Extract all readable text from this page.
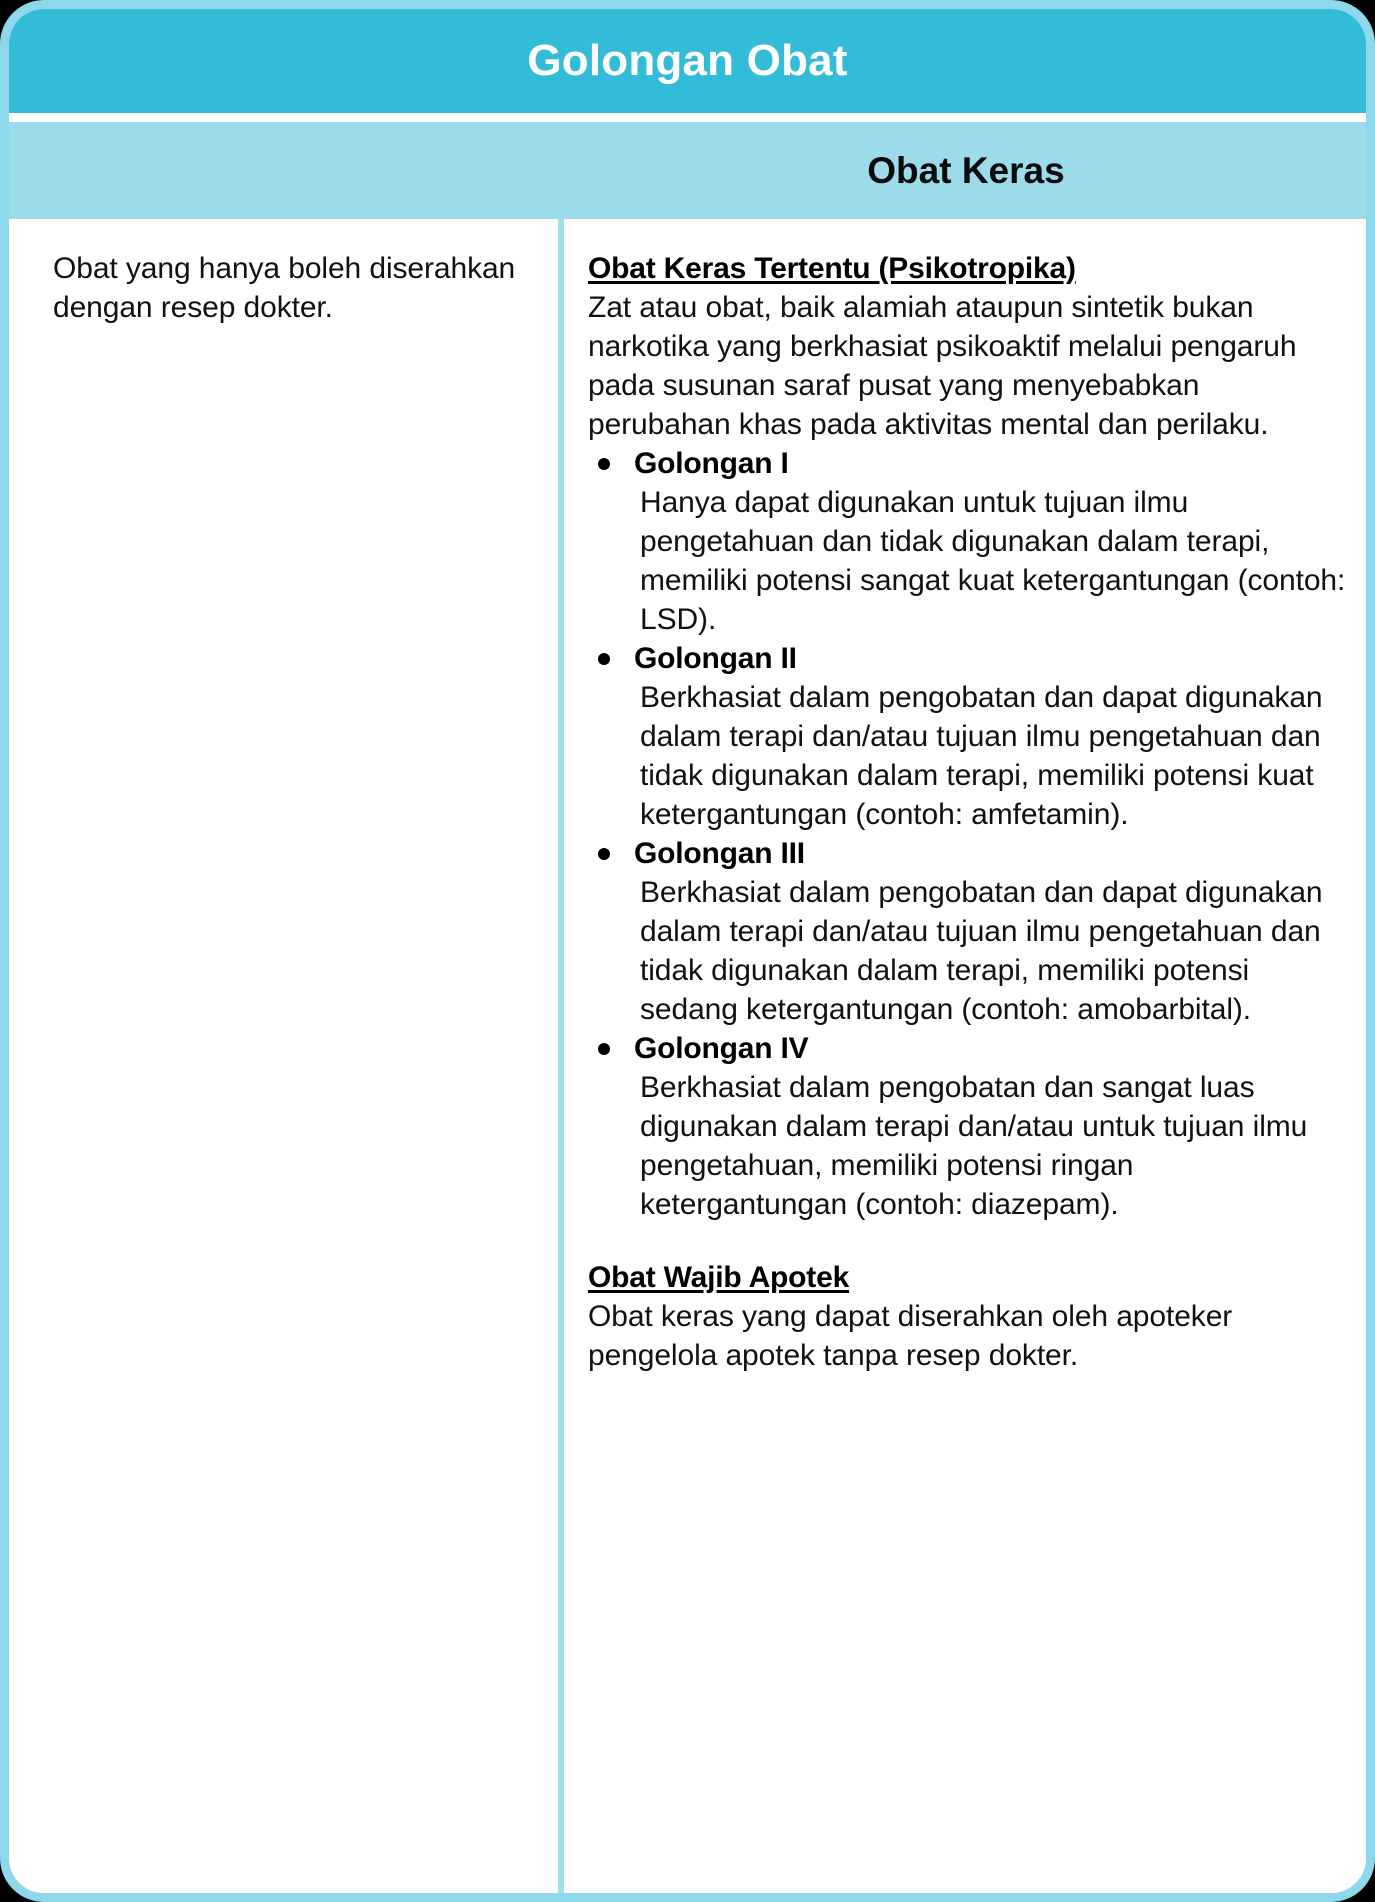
Golongan Obat
Obat Keras
Obat yang hanya boleh diserahkan dengan resep dokter.
Obat Keras Tertentu (Psikotropika)
Zat atau obat, baik alamiah ataupun sintetik bukan narkotika yang berkhasiat psikoaktif melalui pengaruh pada susunan saraf pusat yang menyebabkan perubahan khas pada aktivitas mental dan perilaku.
Golongan I
Hanya dapat digunakan untuk tujuan ilmu pengetahuan dan tidak digunakan dalam terapi, memiliki potensi sangat kuat ketergantungan (contoh: LSD).
Golongan II
Berkhasiat dalam pengobatan dan dapat digunakan dalam terapi dan/atau tujuan ilmu pengetahuan dan tidak digunakan dalam terapi, memiliki potensi kuat ketergantungan (contoh: amfetamin).
Golongan III
Berkhasiat dalam pengobatan dan dapat digunakan dalam terapi dan/atau tujuan ilmu pengetahuan dan tidak digunakan dalam terapi, memiliki potensi sedang ketergantungan (contoh: amobarbital).
Golongan IV
Berkhasiat dalam pengobatan dan sangat luas digunakan dalam terapi dan/atau untuk tujuan ilmu pengetahuan, memiliki potensi ringan ketergantungan (contoh: diazepam).
Obat Wajib Apotek
Obat keras yang dapat diserahkan oleh apoteker pengelola apotek tanpa resep dokter.
